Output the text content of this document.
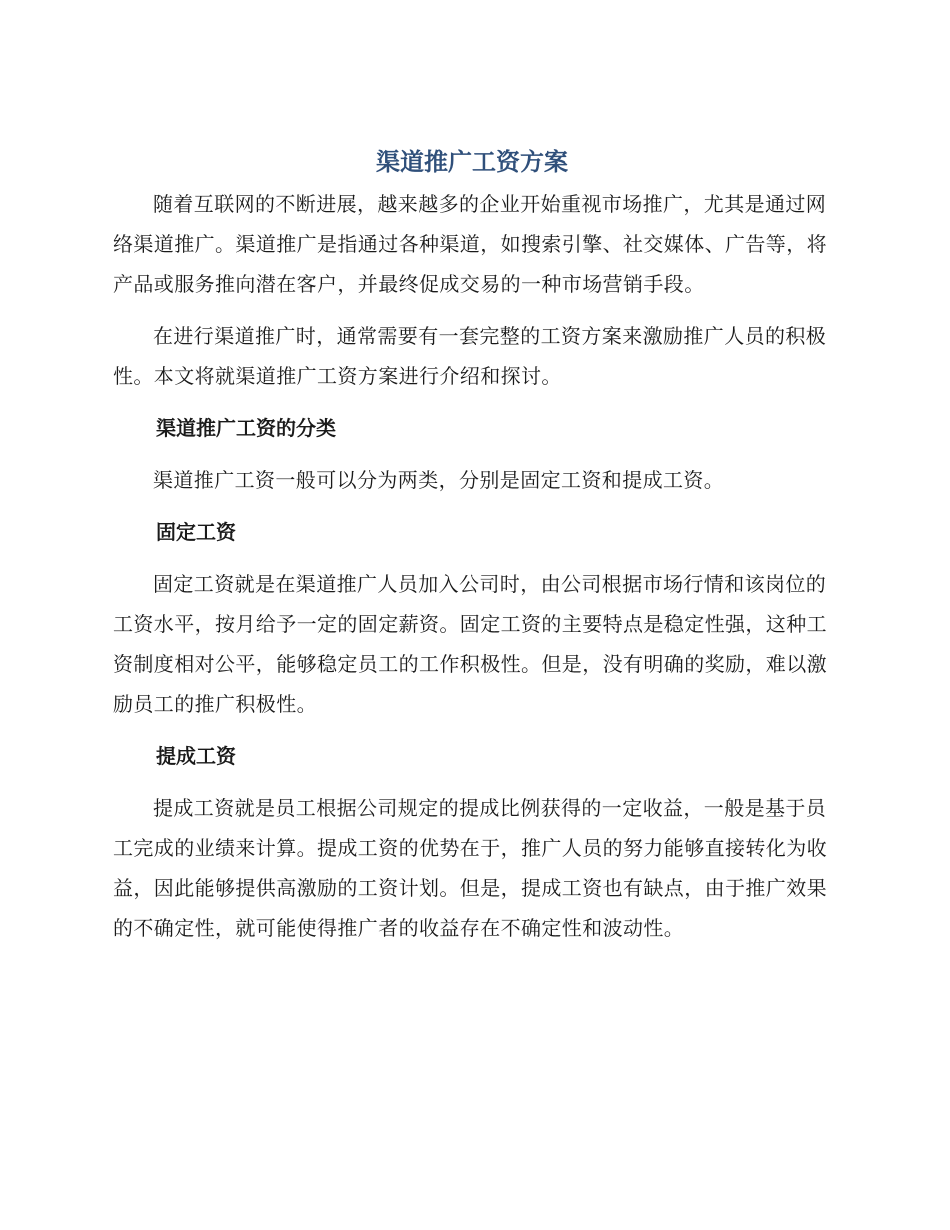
渠道推广工资方案

随着互联网的不断进展，越来越多的企业开始重视市场推广，尤其是通过网络渠道推广。渠道推广是指通过各种渠道，如搜索引擎、社交媒体、广告等，将产品或服务推向潜在客户，并最终促成交易的一种市场营销手段。

在进行渠道推广时，通常需要有一套完整的工资方案来激励推广人员的积极性。本文将就渠道推广工资方案进行介绍和探讨。

渠道推广工资的分类

渠道推广工资一般可以分为两类，分别是固定工资和提成工资。

固定工资

固定工资就是在渠道推广人员加入公司时，由公司根据市场行情和该岗位的工资水平，按月给予一定的固定薪资。固定工资的主要特点是稳定性强，这种工资制度相对公平，能够稳定员工的工作积极性。但是，没有明确的奖励，难以激励员工的推广积极性。

提成工资

提成工资就是员工根据公司规定的提成比例获得的一定收益，一般是基于员工完成的业绩来计算。提成工资的优势在于，推广人员的努力能够直接转化为收益，因此能够提供高激励的工资计划。但是，提成工资也有缺点，由于推广效果的不确定性，就可能使得推广者的收益存在不确定性和波动性。
